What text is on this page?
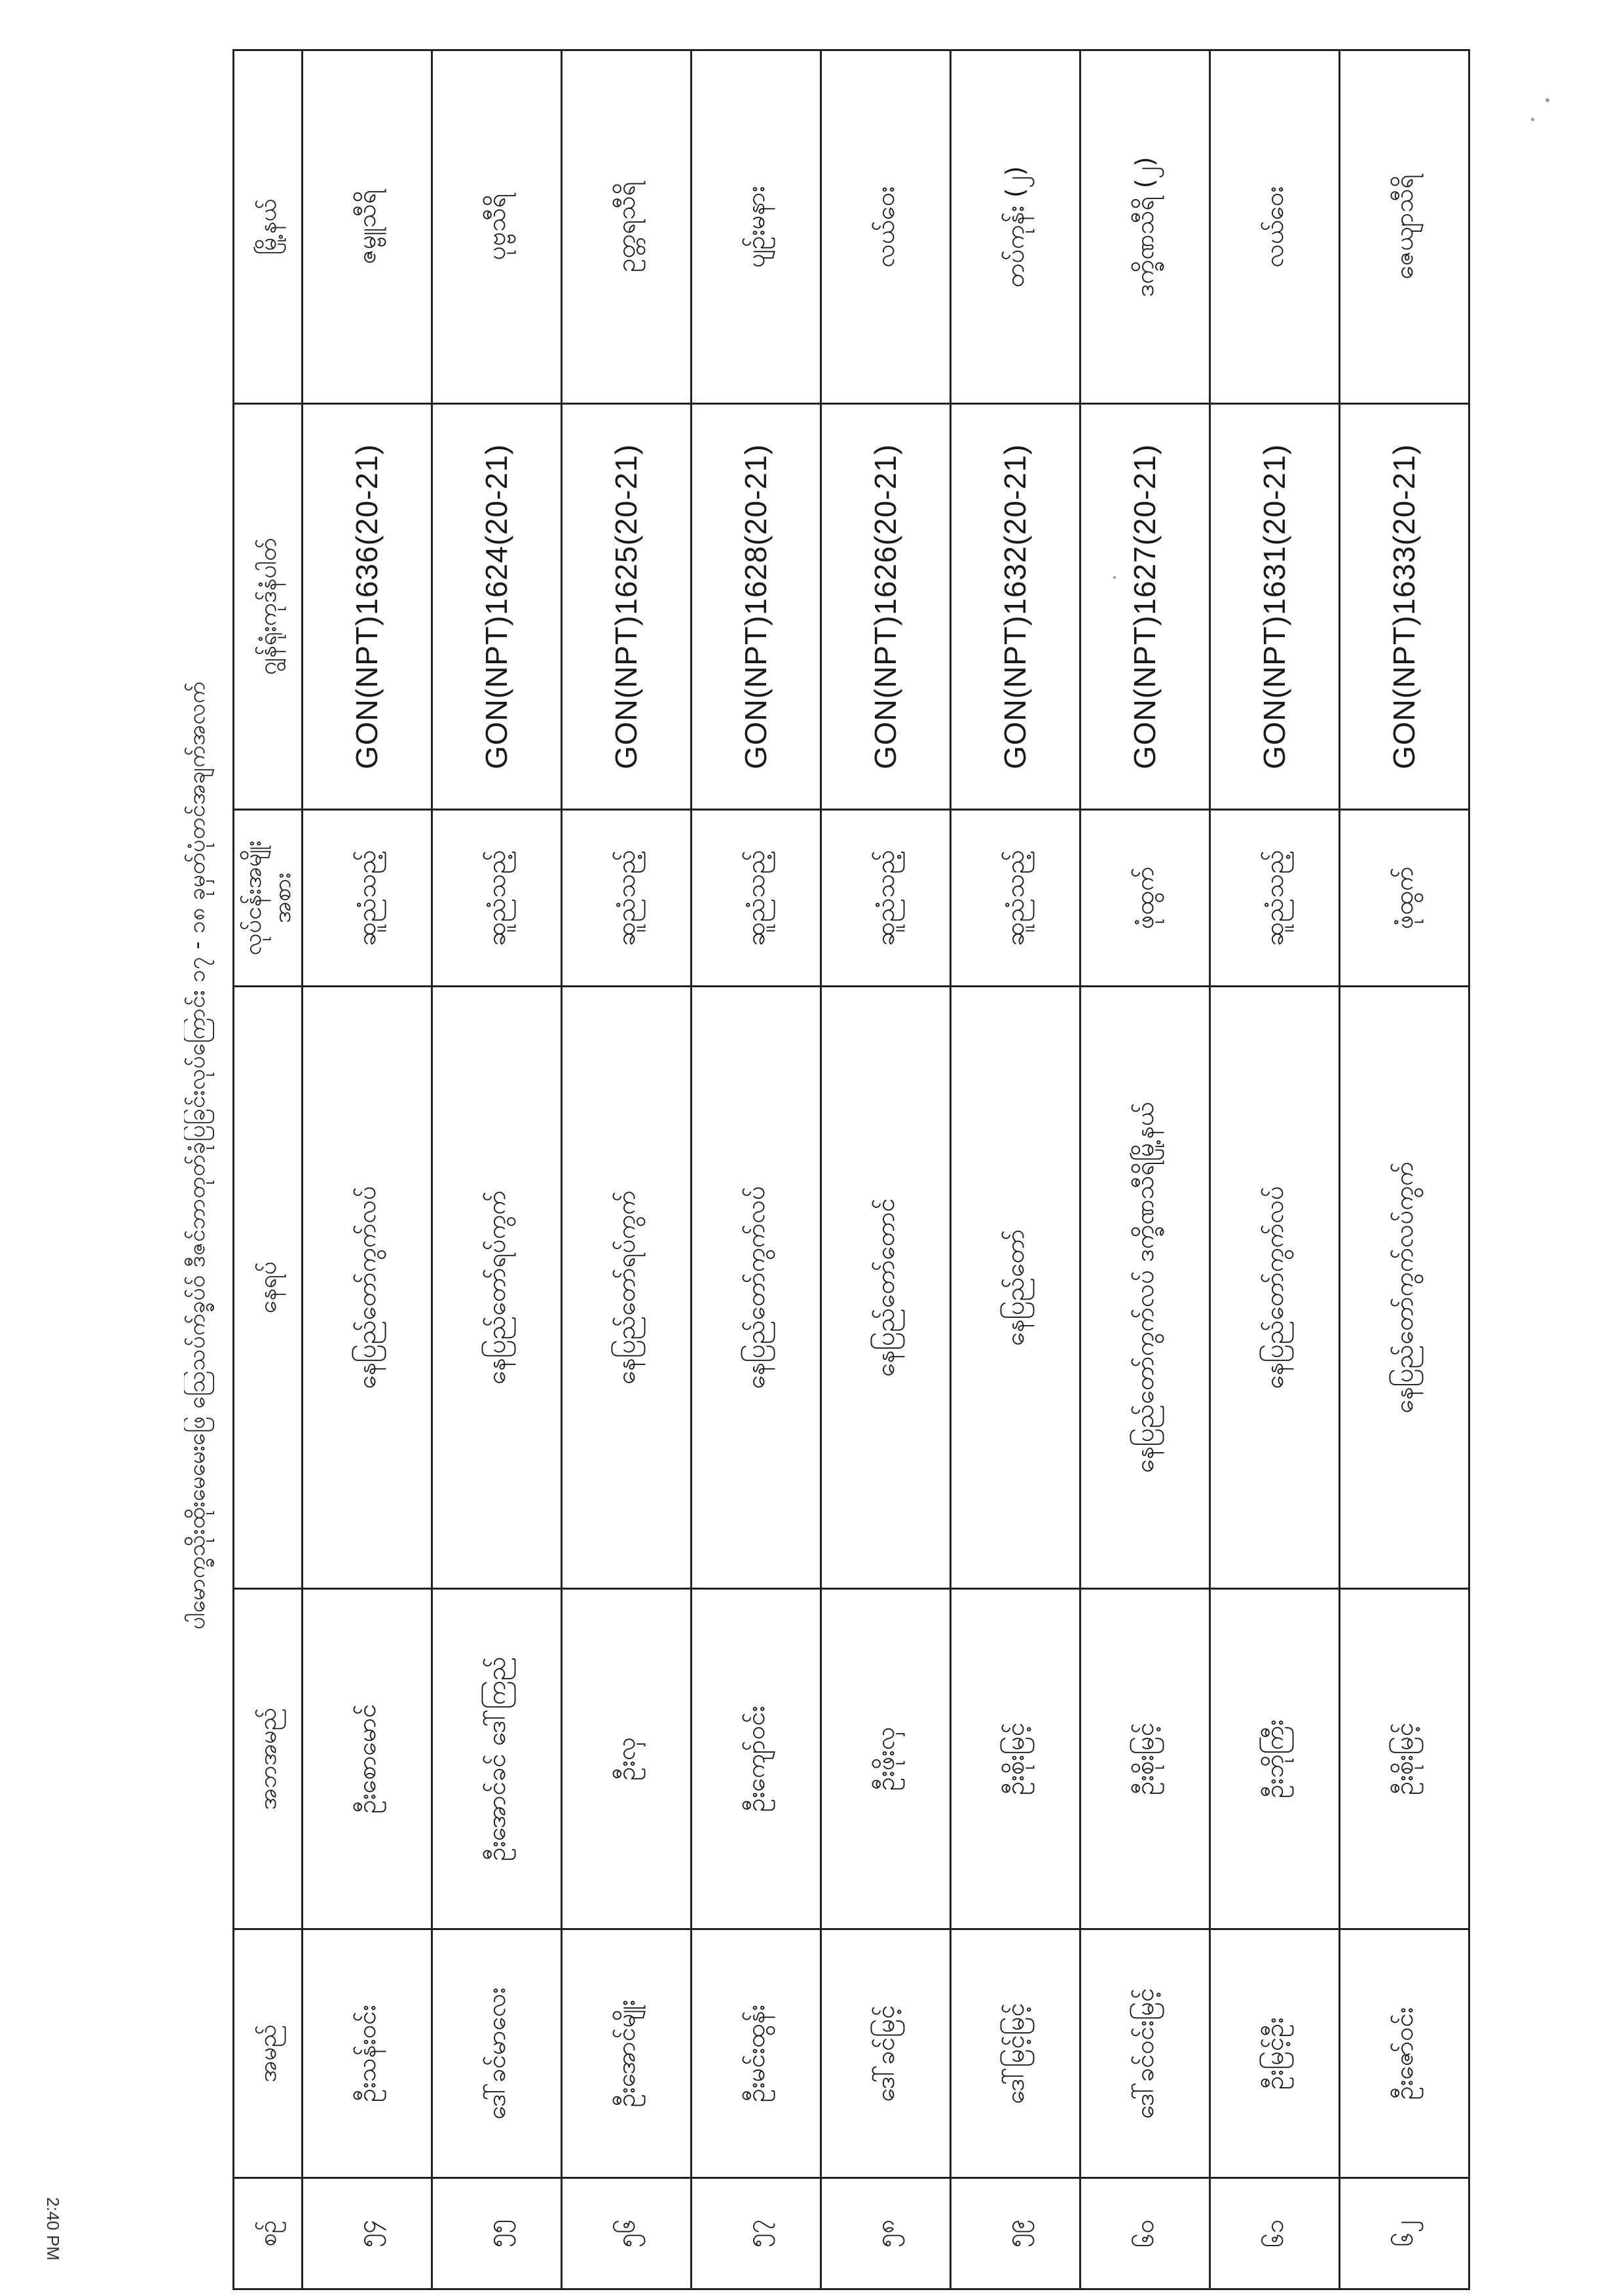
ပါမောက္ခသိုးထိုးမေမေးဖြေ သြေသပ်က်ခ္ခပ်ဝ် ဒီဇင်ဘာတုတ်ခုံပြခြင်းလုပ်ကြောင်း ၁၇ - ၁၈ ခုမှတ်ပုံတင်အချက်အလက်
စဉ်	အမည်	အဘအမည်	နေရပ်	လုပ်ငန်းအမျိုး အစား	ဂျွန်ရုံးကုဒ်နံပါတ်	မြို့နယ်
၅၄	ဦးသန်းဝင်း	ဦးစောမောင်	နေပြည်တော်ကွက်လပ်	ဆူညံသည့်	GON(NPT)1636(20-21)	ဇမ္ဗူသီရိ
၅၅	ဒေါ်ခင်မာလေး	ဦးအောင်ခင် ဒေါ်ကြည်	နေပြည်တော်ရပ်ကွက်	ဆူညံသည့်	GON(NPT)1624(20-21)	ပုဗ္ဗသီရိ
၅၆	ဦးအောင်မျိုး	ဦးလှ	နေပြည်တော်ရပ်ကွက်	ဆူညံသည့်	GON(NPT)1625(20-21)	ဥတ္တရသီရိ
၅၇	ဦးမင်းထွန်း	ဦးကျော်ဝင်း	နေပြည်တော်ကွက်လပ်	ဆူညံသည့်	GON(NPT)1628(20-21)	ပျဉ်းမနား
၅၈	ဒေါ်ခင်မြင့်	ဦးဖိုးလှ	နေပြည်တော်တောင်	ဆူညံသည့်	GON(NPT)1626(20-21)	လယ်ဝေး
၅၉	ဒေါ်မြင့်မြင့်	ဦးစိုးမြင့်	နေပြည်တော်	ဆူညံသည့်	GON(NPT)1632(20-21)	တပ်ကုန်း (၂)
၆၀	ဒေါ်ခင်ဝင်းမြင့်	ဦးစိုးမြင့်	နေပြည်တော်ကွက်လပ် ဒက္ခိဏသီရိမြို့နယ်	ဖုံထွက်	GON(NPT)1627(20-21)	ဒက္ခိဏသီရိ (၂)
၆၁	ဦးမြင့်ဦး	ဦးဘိုကြီး	နေပြည်တော်ကွက်လပ်	ဆူညံသည့်	GON(NPT)1631(20-21)	လယ်ဝေး
၆၂	ဦးဇော်ဝင်း	ဦးစိုးမြင့်	နေပြည်တော်ကွက်လပ်ကွက်	ဖုံထွက်	GON(NPT)1633(20-21)	ဇေယျာသီရိ
2:40 PM
